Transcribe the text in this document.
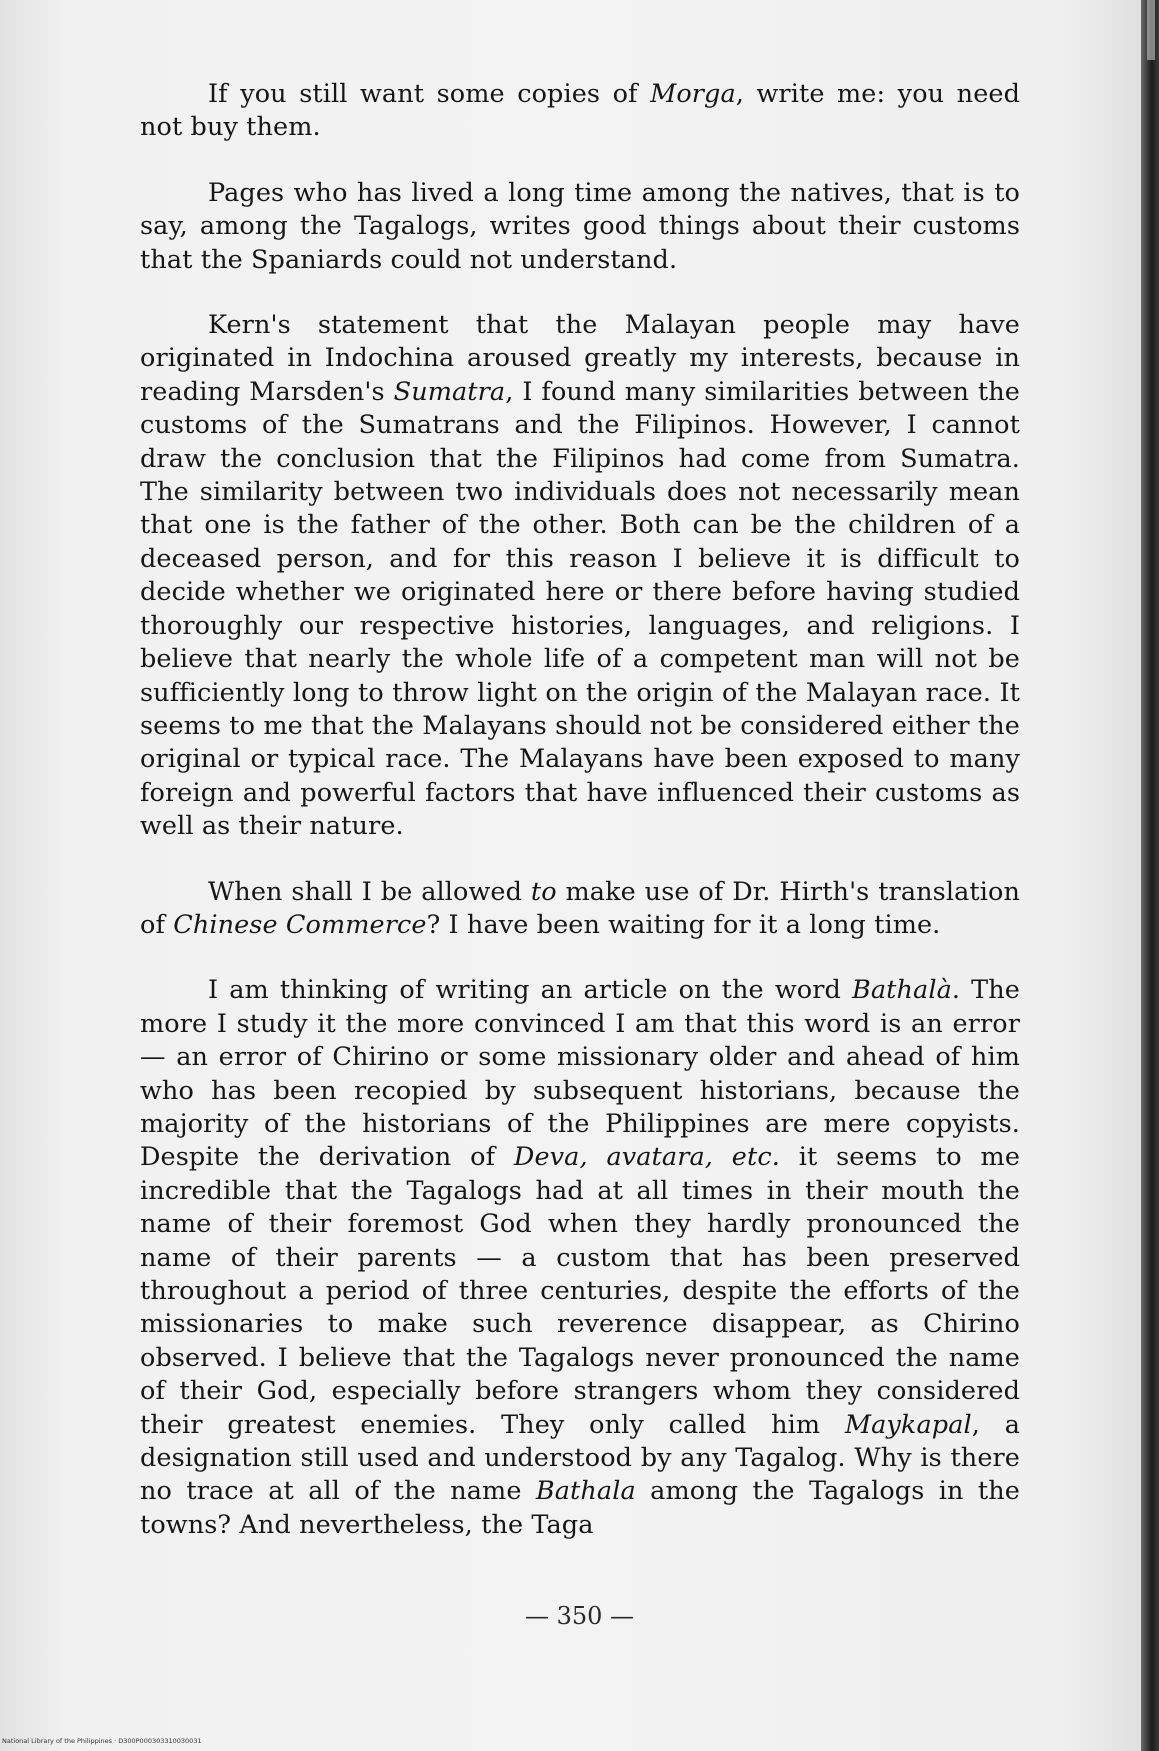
If you still want some copies of Morga, write me: you need not buy them.

Pages who has lived a long time among the natives, that is to say, among the Tagalogs, writes good things about their customs that the Spaniards could not understand.

Kern's statement that the Malayan people may have originated in Indochina aroused greatly my interests, because in reading Marsden's Sumatra, I found many similarities between the customs of the Sumatrans and the Filipinos. However, I cannot draw the conclusion that the Filipinos had come from Sumatra. The similarity between two individuals does not necessarily mean that one is the father of the other. Both can be the children of a deceased person, and for this reason I believe it is difficult to decide whether we originated here or there before having studied thoroughly our respective histories, languages, and religions. I believe that nearly the whole life of a competent man will not be sufficiently long to throw light on the origin of the Malayan race. It seems to me that the Malayans should not be considered either the original or typical race. The Malayans have been exposed to many foreign and powerful factors that have influenced their customs as well as their nature.

When shall I be allowed to make use of Dr. Hirth's translation of Chinese Commerce? I have been waiting for it a long time.

I am thinking of writing an article on the word Bathalà. The more I study it the more convinced I am that this word is an error — an error of Chirino or some missionary older and ahead of him who has been recopied by subsequent historians, because the majority of the historians of the Philippines are mere copyists. Despite the derivation of Deva, avatara, etc. it seems to me incredible that the Tagalogs had at all times in their mouth the name of their foremost God when they hardly pronounced the name of their parents — a custom that has been preserved throughout a period of three centuries, despite the efforts of the missionaries to make such reverence disappear, as Chirino observed. I believe that the Tagalogs never pronounced the name of their God, especially before strangers whom they considered their greatest enemies. They only called him Maykapal, a designation still used and understood by any Tagalog. Why is there no trace at all of the name Bathala among the Tagalogs in the towns? And nevertheless, the Taga

— 350 —
National Library of the Philippines · D300P000303310030031
